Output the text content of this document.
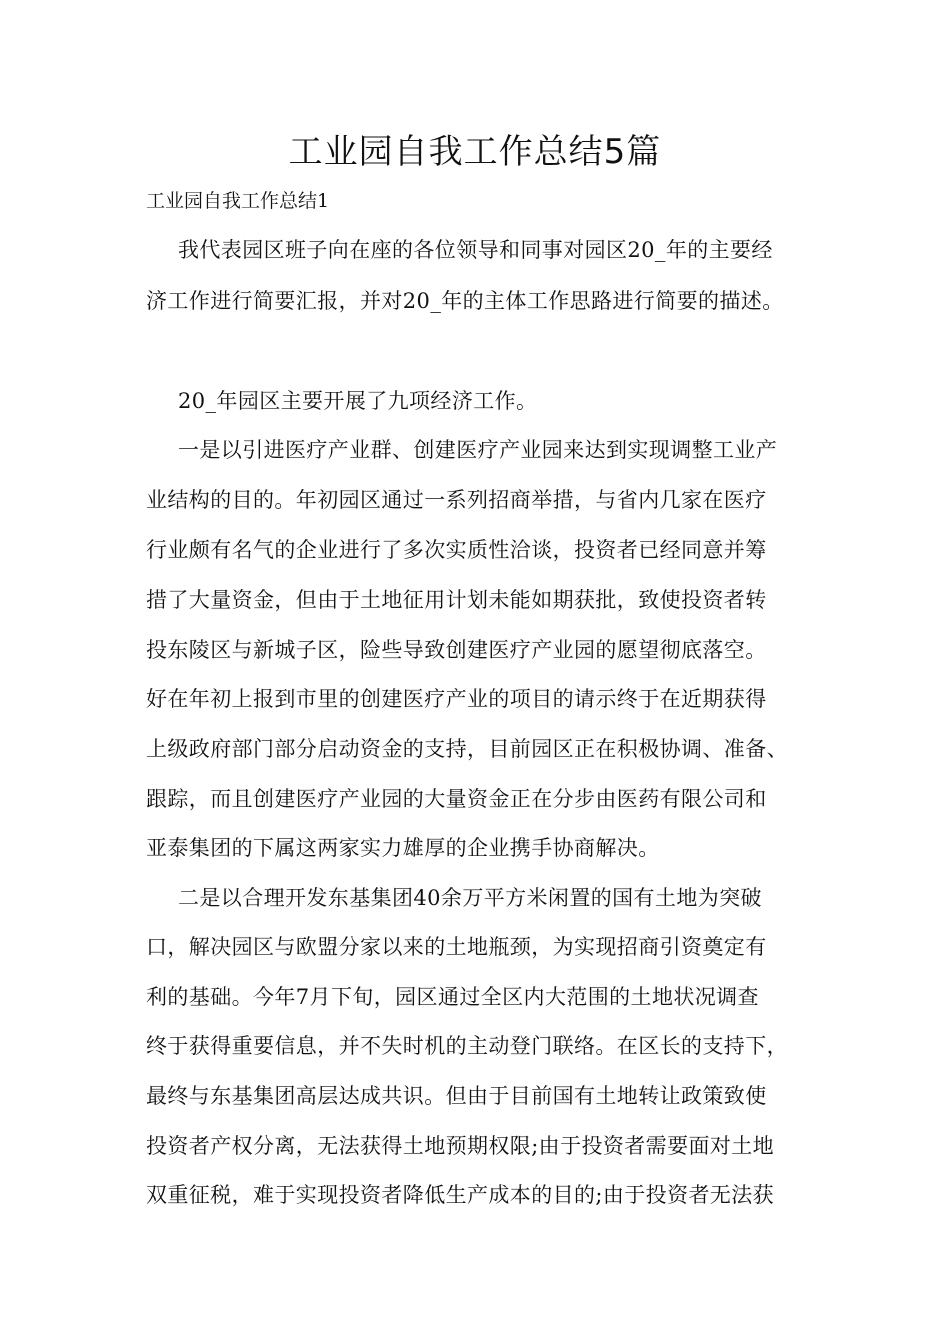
工业园自我工作总结5篇

工业园自我工作总结1

我代表园区班子向在座的各位领导和同事对园区20_年的主要经

济工作进行简要汇报，并对20_年的主体工作思路进行简要的描述。

20_年园区主要开展了九项经济工作。

一是以引进医疗产业群、创建医疗产业园来达到实现调整工业产

业结构的目的。年初园区通过一系列招商举措，与省内几家在医疗

行业颇有名气的企业进行了多次实质性洽谈，投资者已经同意并筹

措了大量资金，但由于土地征用计划未能如期获批，致使投资者转

投东陵区与新城子区，险些导致创建医疗产业园的愿望彻底落空。

好在年初上报到市里的创建医疗产业的项目的请示终于在近期获得

上级政府部门部分启动资金的支持，目前园区正在积极协调、准备、

跟踪，而且创建医疗产业园的大量资金正在分步由医药有限公司和

亚泰集团的下属这两家实力雄厚的企业携手协商解决。

二是以合理开发东基集团40余万平方米闲置的国有土地为突破

口，解决园区与欧盟分家以来的土地瓶颈，为实现招商引资奠定有

利的基础。今年7月下旬，园区通过全区内大范围的土地状况调查

终于获得重要信息，并不失时机的主动登门联络。在区长的支持下，

最终与东基集团高层达成共识。但由于目前国有土地转让政策致使

投资者产权分离，无法获得土地预期权限;由于投资者需要面对土地

双重征税，难于实现投资者降低生产成本的目的;由于投资者无法获
